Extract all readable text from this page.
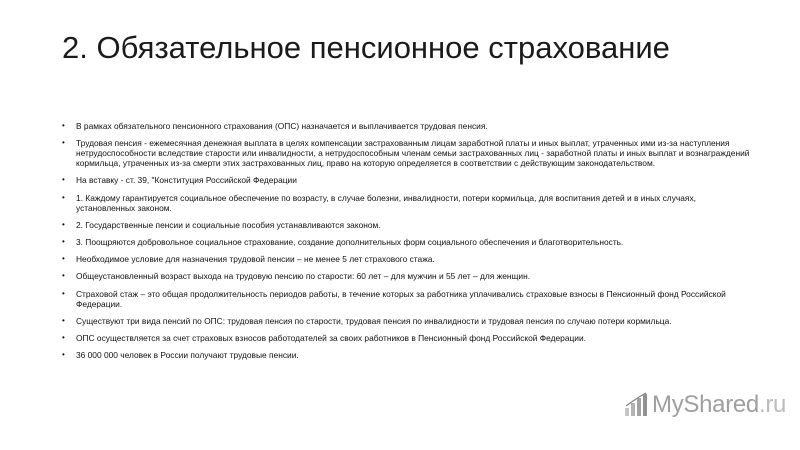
2. Обязательное пенсионное страхование
• В рамках обязательного пенсионного страхования (ОПС) назначается и выплачивается трудовая пенсия.
• Трудовая пенсия - ежемесячная денежная выплата в целях компенсации застрахованным лицам заработной платы и иных выплат, утраченных ими из-за наступления нетрудоспособности вследствие старости или инвалидности, а нетрудоспособным членам семьи застрахованных лиц - заработной платы и иных выплат и вознаграждений кормильца, утраченных из-за смерти этих застрахованных лиц, право на которую определяется в соответствии с действующим законодательством.
• На вставку - ст. 39, "Конституция Российской Федерации
• 1. Каждому гарантируется социальное обеспечение по возрасту, в случае болезни, инвалидности, потери кормильца, для воспитания детей и в иных случаях, установленных законом.
• 2. Государственные пенсии и социальные пособия устанавливаются законом.
• 3. Поощряются добровольное социальное страхование, создание дополнительных форм социального обеспечения и благотворительность.
• Необходимое условие для назначения трудовой пенсии – не менее 5 лет страхового стажа.
• Общеустановленный возраст выхода на трудовую пенсию по старости: 60 лет – для мужчин и 55 лет – для женщин.
• Страховой стаж – это общая продолжительность периодов работы, в течение которых за работника уплачивались страховые взносы в Пенсионный фонд Российской Федерации.
• Существуют три вида пенсий по ОПС: трудовая пенсия по старости, трудовая пенсия по инвалидности и трудовая пенсия по случаю потери кормильца.
• ОПС осуществляется за счет страховых взносов работодателей за своих работников в Пенсионный фонд Российской Федерации.
• 36 000 000 человек в России получают трудовые пенсии.
MyShared.ru
